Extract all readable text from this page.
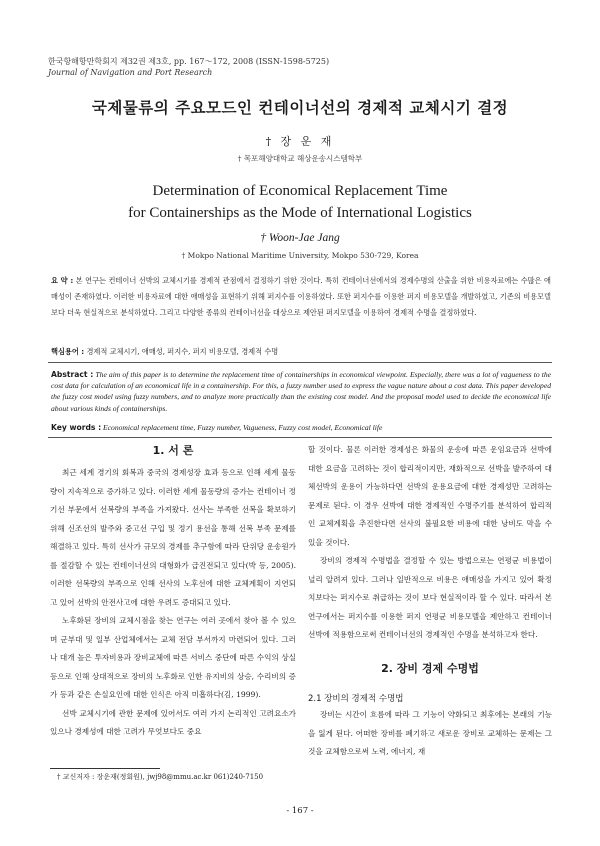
한국항해항만학회지 제32권 제3호, pp. 167～172, 2008 (ISSN-1598-5725)
Journal of Navigation and Port Research
국제물류의 주요모드인 컨테이너선의 경제적 교체시기 결정
† 장 운 재
† 목포해양대학교 해상운송시스템학부
Determination of Economical Replacement Time
for Containerships as the Mode of International Logistics
† Woon-Jae Jang
† Mokpo National Maritime University, Mokpo 530-729, Korea
요 약 : 본 연구는 컨테이너 선박의 교체시기를 경제적 관점에서 결정하기 위한 것이다. 특히 컨테이너선에서의 경제수명의 산출을 위한 비용자료에는 수많은 애매성이 존재하였다. 이러한 비용자료에 대한 애매성을 표현하기 위해 퍼지수를 이용하였다. 또한 퍼지수를 이용한 퍼지 비용모델을 개발하였고, 기존의 비용모델 보다 더욱 현실적으로 분석하였다. 그리고 다양한 종류의 컨테이너선을 대상으로 제안된 퍼지모델을 이용하여 경제적 수명을 결정하였다.
핵심용어 : 경제적 교체시기, 애매성, 퍼지수, 퍼지 비용모델, 경제적 수명
Abstract : The aim of this paper is to determine the replacement time of containerships in economical viewpoint. Especially, there was a lot of vagueness to the cost data for calculation of an economical life in a containership. For this, a fuzzy number used to express the vague nature about a cost data. This paper developed the fuzzy cost model using fuzzy numbers, and to analyze more practically than the existing cost model. And the proposal model used to decide the economical life about various kinds of containerships.
Key words : Economical replacement time, Fuzzy number, Vagueness, Fuzzy cost model, Economical life
1. 서 론

최근 세계 경기의 회복과 중국의 경제성장 효과 등으로 인해 세계 물동량이 지속적으로 증가하고 있다. 이러한 세계 물동량의 증가는 컨테이너 정기선 부문에서 선복량의 부족을 가져왔다. 선사는 부족한 선복을 확보하기 위해 신조선의 발주와 중고선 구입 및 정기 용선을 통해 선복 부족 문제를 해결하고 있다. 특히 선사가 규모의 경제를 추구함에 따라 단위당 운송원가를 절감할 수 있는 컨테이너선의 대형화가 급진전되고 있다(박 등, 2005). 이러한 선복량의 부족으로 인해 선사의 노후선에 대한 교체계획이 지연되고 있어 선박의 안전사고에 대한 우려도 증대되고 있다.

노후화된 장비의 교체시점을 찾는 연구는 여러 곳에서 찾아 볼 수 있으며 군부대 및 일부 산업체에서는 교체 전담 부서까지 마련되어 있다. 그러나 대개 높은 투자비용과 장비교체에 따른 서비스 중단에 따른 수익의 상실 등으로 인해 상대적으로 장비의 노후화로 인한 유지비의 상승, 수리비의 증가 등과 같은 손실요인에 대한 인식은 아직 미흡하다(김, 1999).

선박 교체시기에 관한 문제에 있어서도 여러 가지 논리적인 고려요소가 있으나 경제성에 대한 고려가 무엇보다도 중요

할 것이다. 물론 이러한 경제성은 화물의 운송에 따른 운임요금과 선박에 대한 요금을 고려하는 것이 합리적이지만, 재화적으로 선박을 발주하여 대체선박의 운용이 가능하다면 선박의 운용요금에 대한 경제성만 고려하는 문제로 된다. 이 경우 선박에 대한 경제적인 수명주기를 분석하여 합리적인 교체계획을 추진한다면 선사의 불필요한 비용에 대한 낭비도 막을 수 있을 것이다.

장비의 경제적 수명법을 결정할 수 있는 방법으로는 연평균 비용법이 널리 알려져 있다. 그러나 일반적으로 비용은 애매성을 가지고 있어 확정치보다는 퍼지수로 취급하는 것이 보다 현실적이라 할 수 있다. 따라서 본 연구에서는 퍼지수를 이용한 퍼지 연평균 비용모델을 제안하고 컨테이너 선박에 적용함으로써 컨테이너선의 경제적인 수명을 분석하고자 한다.

2. 장비 경제 수명법
2.1 장비의 경제적 수명법

장비는 시간이 흐름에 따라 그 기능이 약화되고 최후에는 본래의 기능을 잃게 된다. 어떠한 장비를 폐기하고 새로운 장비로 교체하는 문제는 그것을 교체함으로써 노력, 에너지, 재

† 교신저자 : 장운재(정회원), jwj98@mmu.ac.kr 061)240-7150
- 167 -
